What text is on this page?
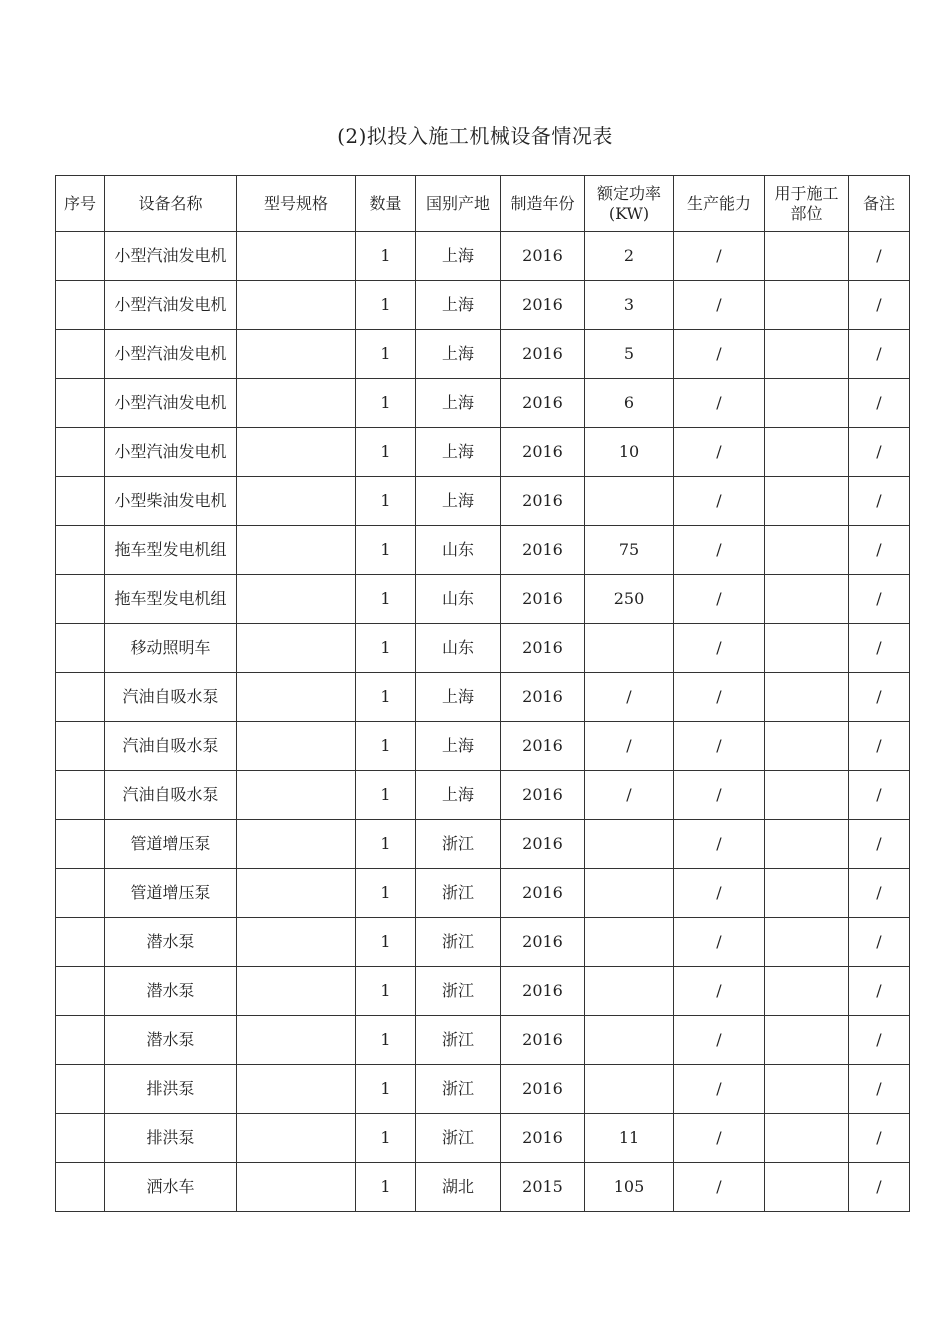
(2)拟投入施工机械设备情况表
序号	设备名称	型号规格	数量	国别产地	制造年份	额定功率(KW)	生产能力	用于施工部位	备注
	小型汽油发电机		1	上海	2016	2	/		/
	小型汽油发电机		1	上海	2016	3	/		/
	小型汽油发电机		1	上海	2016	5	/		/
	小型汽油发电机		1	上海	2016	6	/		/
	小型汽油发电机		1	上海	2016	10	/		/
	小型柴油发电机		1	上海	2016		/		/
	拖车型发电机组		1	山东	2016	75	/		/
	拖车型发电机组		1	山东	2016	250	/		/
	移动照明车		1	山东	2016		/		/
	汽油自吸水泵		1	上海	2016	/	/		/
	汽油自吸水泵		1	上海	2016	/	/		/
	汽油自吸水泵		1	上海	2016	/	/		/
	管道增压泵		1	浙江	2016		/		/
	管道增压泵		1	浙江	2016		/		/
	潜水泵		1	浙江	2016		/		/
	潜水泵		1	浙江	2016		/		/
	潜水泵		1	浙江	2016		/		/
	排洪泵		1	浙江	2016		/		/
	排洪泵		1	浙江	2016	11	/		/
	洒水车		1	湖北	2015	105	/		/
